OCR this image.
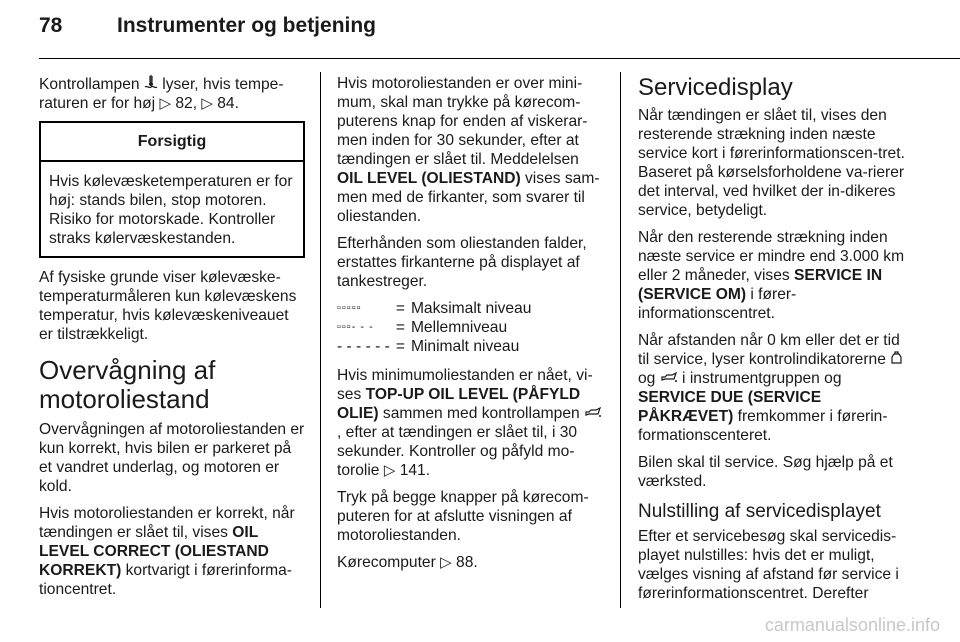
78	Instrumenter og betjening

Kontrollampen  lyser, hvis tempe-raturen er for høj ▷ 82, ▷ 84.

Forsigtig
Hvis kølevæsketemperaturen er for høj: stands bilen, stop motoren. Risiko for motorskade. Kontroller straks kølervæskestanden.

Af fysiske grunde viser kølevæske-temperaturmåleren kun kølevæskens temperatur, hvis kølevæskeniveauet er tilstrækkeligt.

Overvågning af motoroliestand

Overvågningen af motoroliestanden er kun korrekt, hvis bilen er parkeret på et vandret underlag, og motoren er kold.

Hvis motoroliestanden er korrekt, når tændingen er slået til, vises OIL LEVEL CORRECT (OLIESTAND KORREKT) kortvarigt i førerinforma-tioncentret.

Hvis motoroliestanden er over mini-mum, skal man trykke på kørecom-puterens knap for enden af viskerar-men inden for 30 sekunder, efter at tændingen er slået til. Meddelelsen OIL LEVEL (OLIESTAND) vises sam-men med de firkanter, som svarer til oliestanden.

Efterhånden som oliestanden falder, erstattes firkanterne på displayet af tankestreger.

▫▫▫▫▫	=	Maksimalt niveau
▫▫▫- - -	=	Mellemniveau
- - - - - -	=	Minimalt niveau

Hvis minimumoliestanden er nået, vi-ses TOP-UP OIL LEVEL (PÅFYLD OLIE) sammen med kontrollampen , efter at tændingen er slået til, i 30 sekunder. Kontroller og påfyld mo-torolie ▷ 141.

Tryk på begge knapper på kørecom-puteren for at afslutte visningen af motoroliestanden.

Kørecomputer ▷ 88.

Servicedisplay

Når tændingen er slået til, vises den resterende strækning inden næste service kort i førerinformationscen-tret. Baseret på kørselsforholdene va-rierer det interval, ved hvilket der in-dikeres service, betydeligt.

Når den resterende strækning inden næste service er mindre end 3.000 km eller 2 måneder, vises SERVICE IN (SERVICE OM) i fører-informationscentret.

Når afstanden når 0 km eller det er tid til service, lyser kontrolindikatorerne  og  i instrumentgruppen og SERVICE DUE (SERVICE PÅKRÆVET) fremkommer i førerin-formationscenteret.

Bilen skal til service. Søg hjælp på et værksted.

Nulstilling af servicedisplayet

Efter et servicebesøg skal servicedis-playet nulstilles: hvis det er muligt, vælges visning af afstand før service i førerinformationscentret. Derefter

carmanualsonline.info
